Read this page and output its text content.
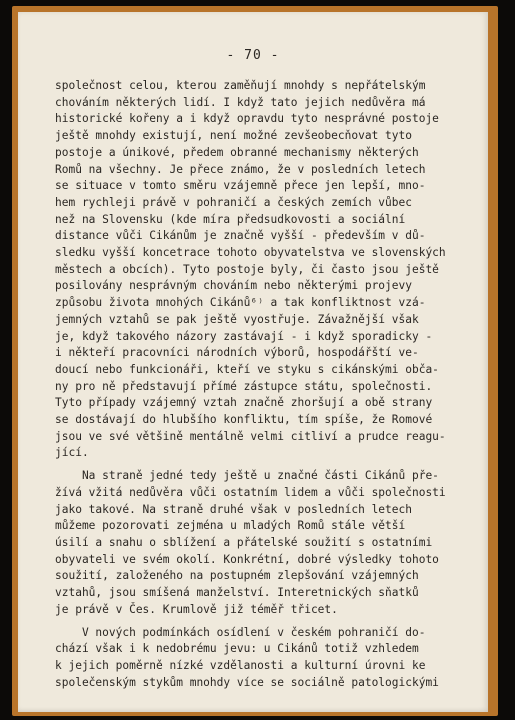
- 70 -
společnost celou, kterou zaměňují mnohdy s nepřátelským
chováním některých lidí. I když tato jejich nedůvěra má
historické kořeny a i když opravdu tyto nesprávné postoje
ještě mnohdy existují, není možné zevšeobecňovat tyto
postoje a únikové, předem obranné mechanismy některých
Romů na všechny. Je přece známo, že v posledních letech
se situace v tomto směru vzájemně přece jen lepší, mno-
hem rychleji právě v pohraničí a českých zemích vůbec
než na Slovensku (kde míra předsudkovosti a sociální
distance vůči Cikánům je značně vyšší - především v dů-
sledku vyšší koncetrace tohoto obyvatelstva ve slovenských
městech a obcích). Tyto postoje byly, či často jsou ještě
posilovány nesprávným chováním nebo některými projevy
způsobu života mnohých Cikánů⁶⁾ a tak konfliktnost vzá-
jemných vztahů se pak ještě vyostřuje. Závažnější však
je, když takového názory zastávají - i když sporadicky -
i někteří pracovníci národních výborů, hospodářští ve-
doucí nebo funkcionáři, kteří ve styku s cikánskými obča-
ny pro ně představují přímé zástupce státu, společnosti.
Tyto případy vzájemný vztah značně zhoršují a obě strany
se dostávají do hlubšího konfliktu, tím spíše, že Romové
jsou ve své většině mentálně velmi citliví a prudce reagu-
jící.
Na straně jedné tedy ještě u značné části Cikánů pře-
žívá vžitá nedůvěra vůči ostatním lidem a vůči společnosti
jako takové. Na straně druhé však v posledních letech
můžeme pozorovati zejména u mladých Romů stále větší
úsilí a snahu o sblížení a přátelské soužití s ostatními
obyvateli ve svém okolí. Konkrétní, dobré výsledky tohoto
soužití, založeného na postupném zlepšování vzájemných
vztahů, jsou smíšená manželství. Interetnických sňatků
je právě v Čes. Krumlově již téměř třicet.
V nových podmínkách osídlení v českém pohraničí do-
chází však i k nedobrému jevu: u Cikánů totiž vzhledem
k jejich poměrně nízké vzdělanosti a kulturní úrovni ke
společenským stykům mnohdy více se sociálně patologickými
